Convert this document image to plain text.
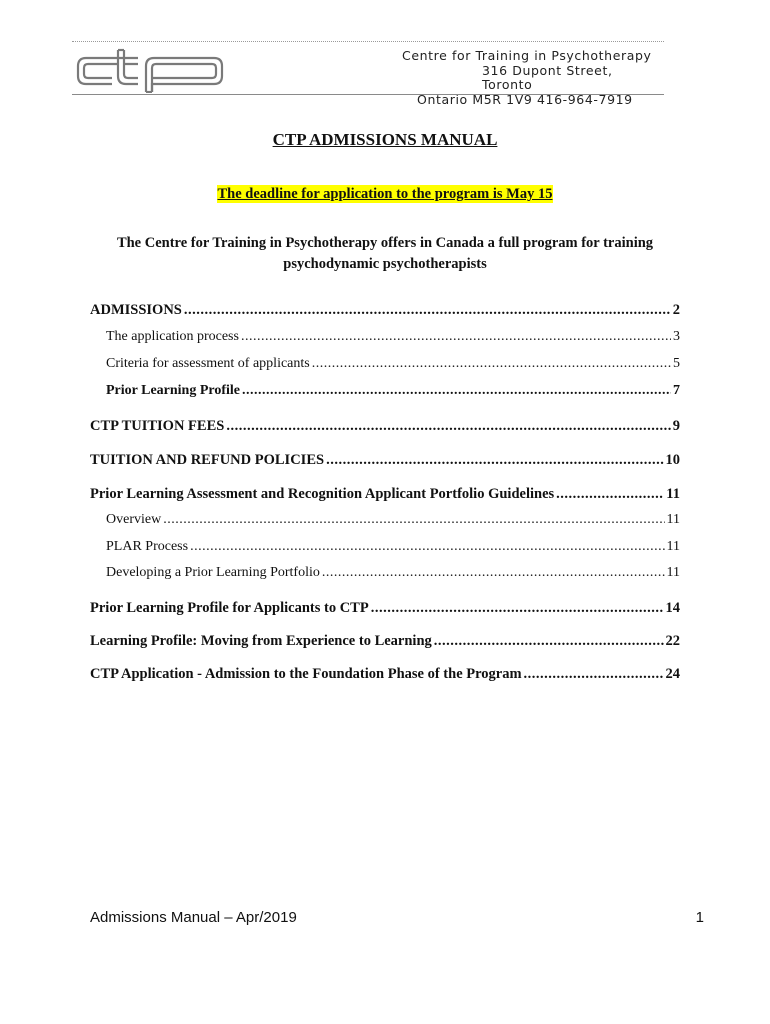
Centre for Training in Psychotherapy
316 Dupont Street, Toronto
Ontario M5R 1V9 416-964-7919
CTP ADMISSIONS MANUAL
The deadline for application to the program is May 15
The Centre for Training in Psychotherapy offers in Canada a full program for training psychodynamic psychotherapists
ADMISSIONS .....	2
The application process .....	3
Criteria for assessment of applicants .....	5
Prior Learning Profile .....	7
CTP TUITION FEES .....	9
TUITION AND REFUND POLICIES .....	10
Prior Learning Assessment and Recognition Applicant Portfolio Guidelines .....	11
Overview .....	11
PLAR Process .....	11
Developing a Prior Learning Portfolio .....	11
Prior Learning Profile for Applicants to CTP .....	14
Learning Profile: Moving from Experience to Learning .....	22
CTP Application - Admission to the Foundation Phase of the Program .....	24
Admissions Manual – Apr/2019	1
